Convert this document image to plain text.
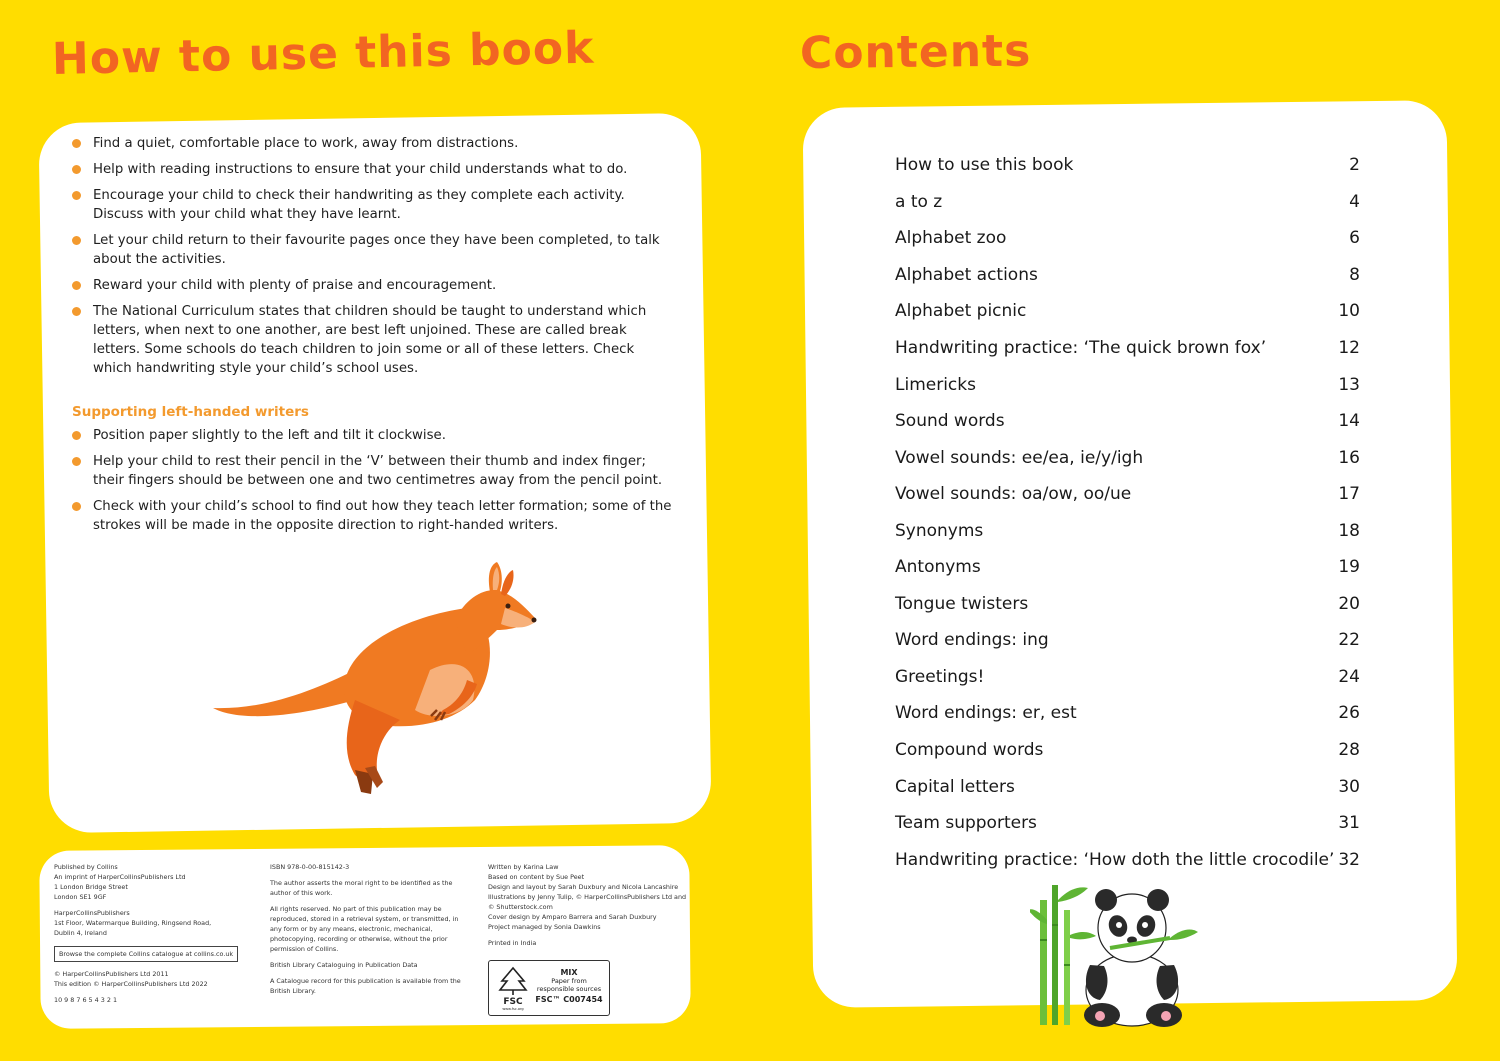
How to use this book	Contents
Find a quiet, comfortable place to work, away from distractions.
Help with reading instructions to ensure that your child understands what to do.
Encourage your child to check their handwriting as they complete each activity. Discuss with your child what they have learnt.
Let your child return to their favourite pages once they have been completed, to talk about the activities.
Reward your child with plenty of praise and encouragement.
The National Curriculum states that children should be taught to understand which letters, when next to one another, are best left unjoined. These are called break letters. Some schools do teach children to join some or all of these letters. Check which handwriting style your child’s school uses.
Supporting left-handed writers
Position paper slightly to the left and tilt it clockwise.
Help your child to rest their pencil in the ‘V’ between their thumb and index finger; their fingers should be between one and two centimetres away from the pencil point.
Check with your child’s school to find out how they teach letter formation; some of the strokes will be made in the opposite direction to right-handed writers.

Published by Collins
An imprint of HarperCollinsPublishers Ltd
1 London Bridge Street
London SE1 9GF

HarperCollinsPublishers
1st Floor, Watermarque Building, Ringsend Road,
Dublin 4, Ireland

Browse the complete Collins catalogue at collins.co.uk

© HarperCollinsPublishers Ltd 2011
This edition © HarperCollinsPublishers Ltd 2022

10 9 8 7 6 5 4 3 2 1

ISBN 978-0-00-815142-3

The author asserts the moral right to be identified as the author of this work.

All rights reserved. No part of this publication may be reproduced, stored in a retrieval system, or transmitted, in any form or by any means, electronic, mechanical, photocopying, recording or otherwise, without the prior permission of Collins.

British Library Cataloguing in Publication Data

A Catalogue record for this publication is available from the British Library.

Written by Karina Law
Based on content by Sue Peet
Design and layout by Sarah Duxbury and Nicola Lancashire
Illustrations by Jenny Tulip, © HarperCollinsPublishers Ltd and © Shutterstock.com
Cover design by Amparo Barrera and Sarah Duxbury
Project managed by Sonia Dawkins

Printed in India

FSC
www.fsc.org
MIX
Paper from
responsible sources
FSC™ C007454
How to use this book	2
a to z	4
Alphabet zoo	6
Alphabet actions	8
Alphabet picnic	10
Handwriting practice: ‘The quick brown fox’	12
Limericks	13
Sound words	14
Vowel sounds: ee/ea, ie/y/igh	16
Vowel sounds: oa/ow, oo/ue	17
Synonyms	18
Antonyms	19
Tongue twisters	20
Word endings: ing	22
Greetings!	24
Word endings: er, est	26
Compound words	28
Capital letters	30
Team supporters	31
Handwriting practice: ‘How doth the little crocodile’ 32
